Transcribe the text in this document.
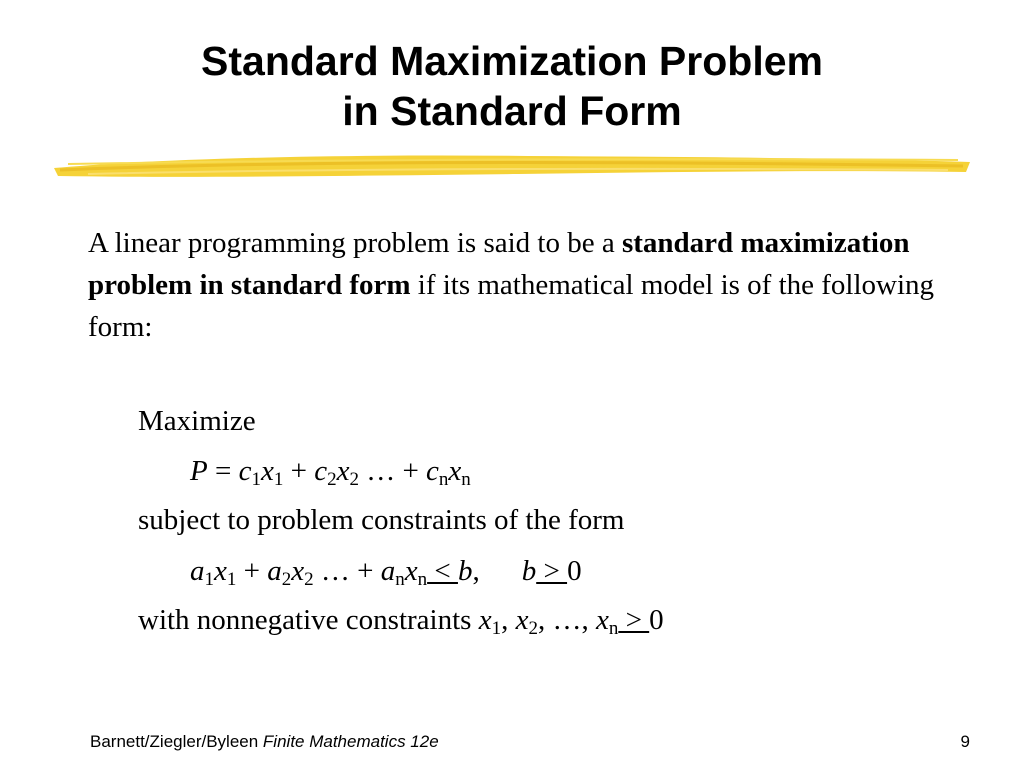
Standard Maximization Problem
in Standard Form
A linear programming problem is said to be a standard maximization problem in standard form if its mathematical model is of the following form:
Maximize
$P = c_1x_1 + c_2x_2$ … + $c_nx_n$
subject to problem constraints of the form
$a_1x_1 + a_2x_2$ … + $a_nx_n < b$, b > 0
with nonnegative constraints $x_1$, $x_2$, …, $x_n > 0$
Barnett/Ziegler/Byleen Finite Mathematics 12e	9
